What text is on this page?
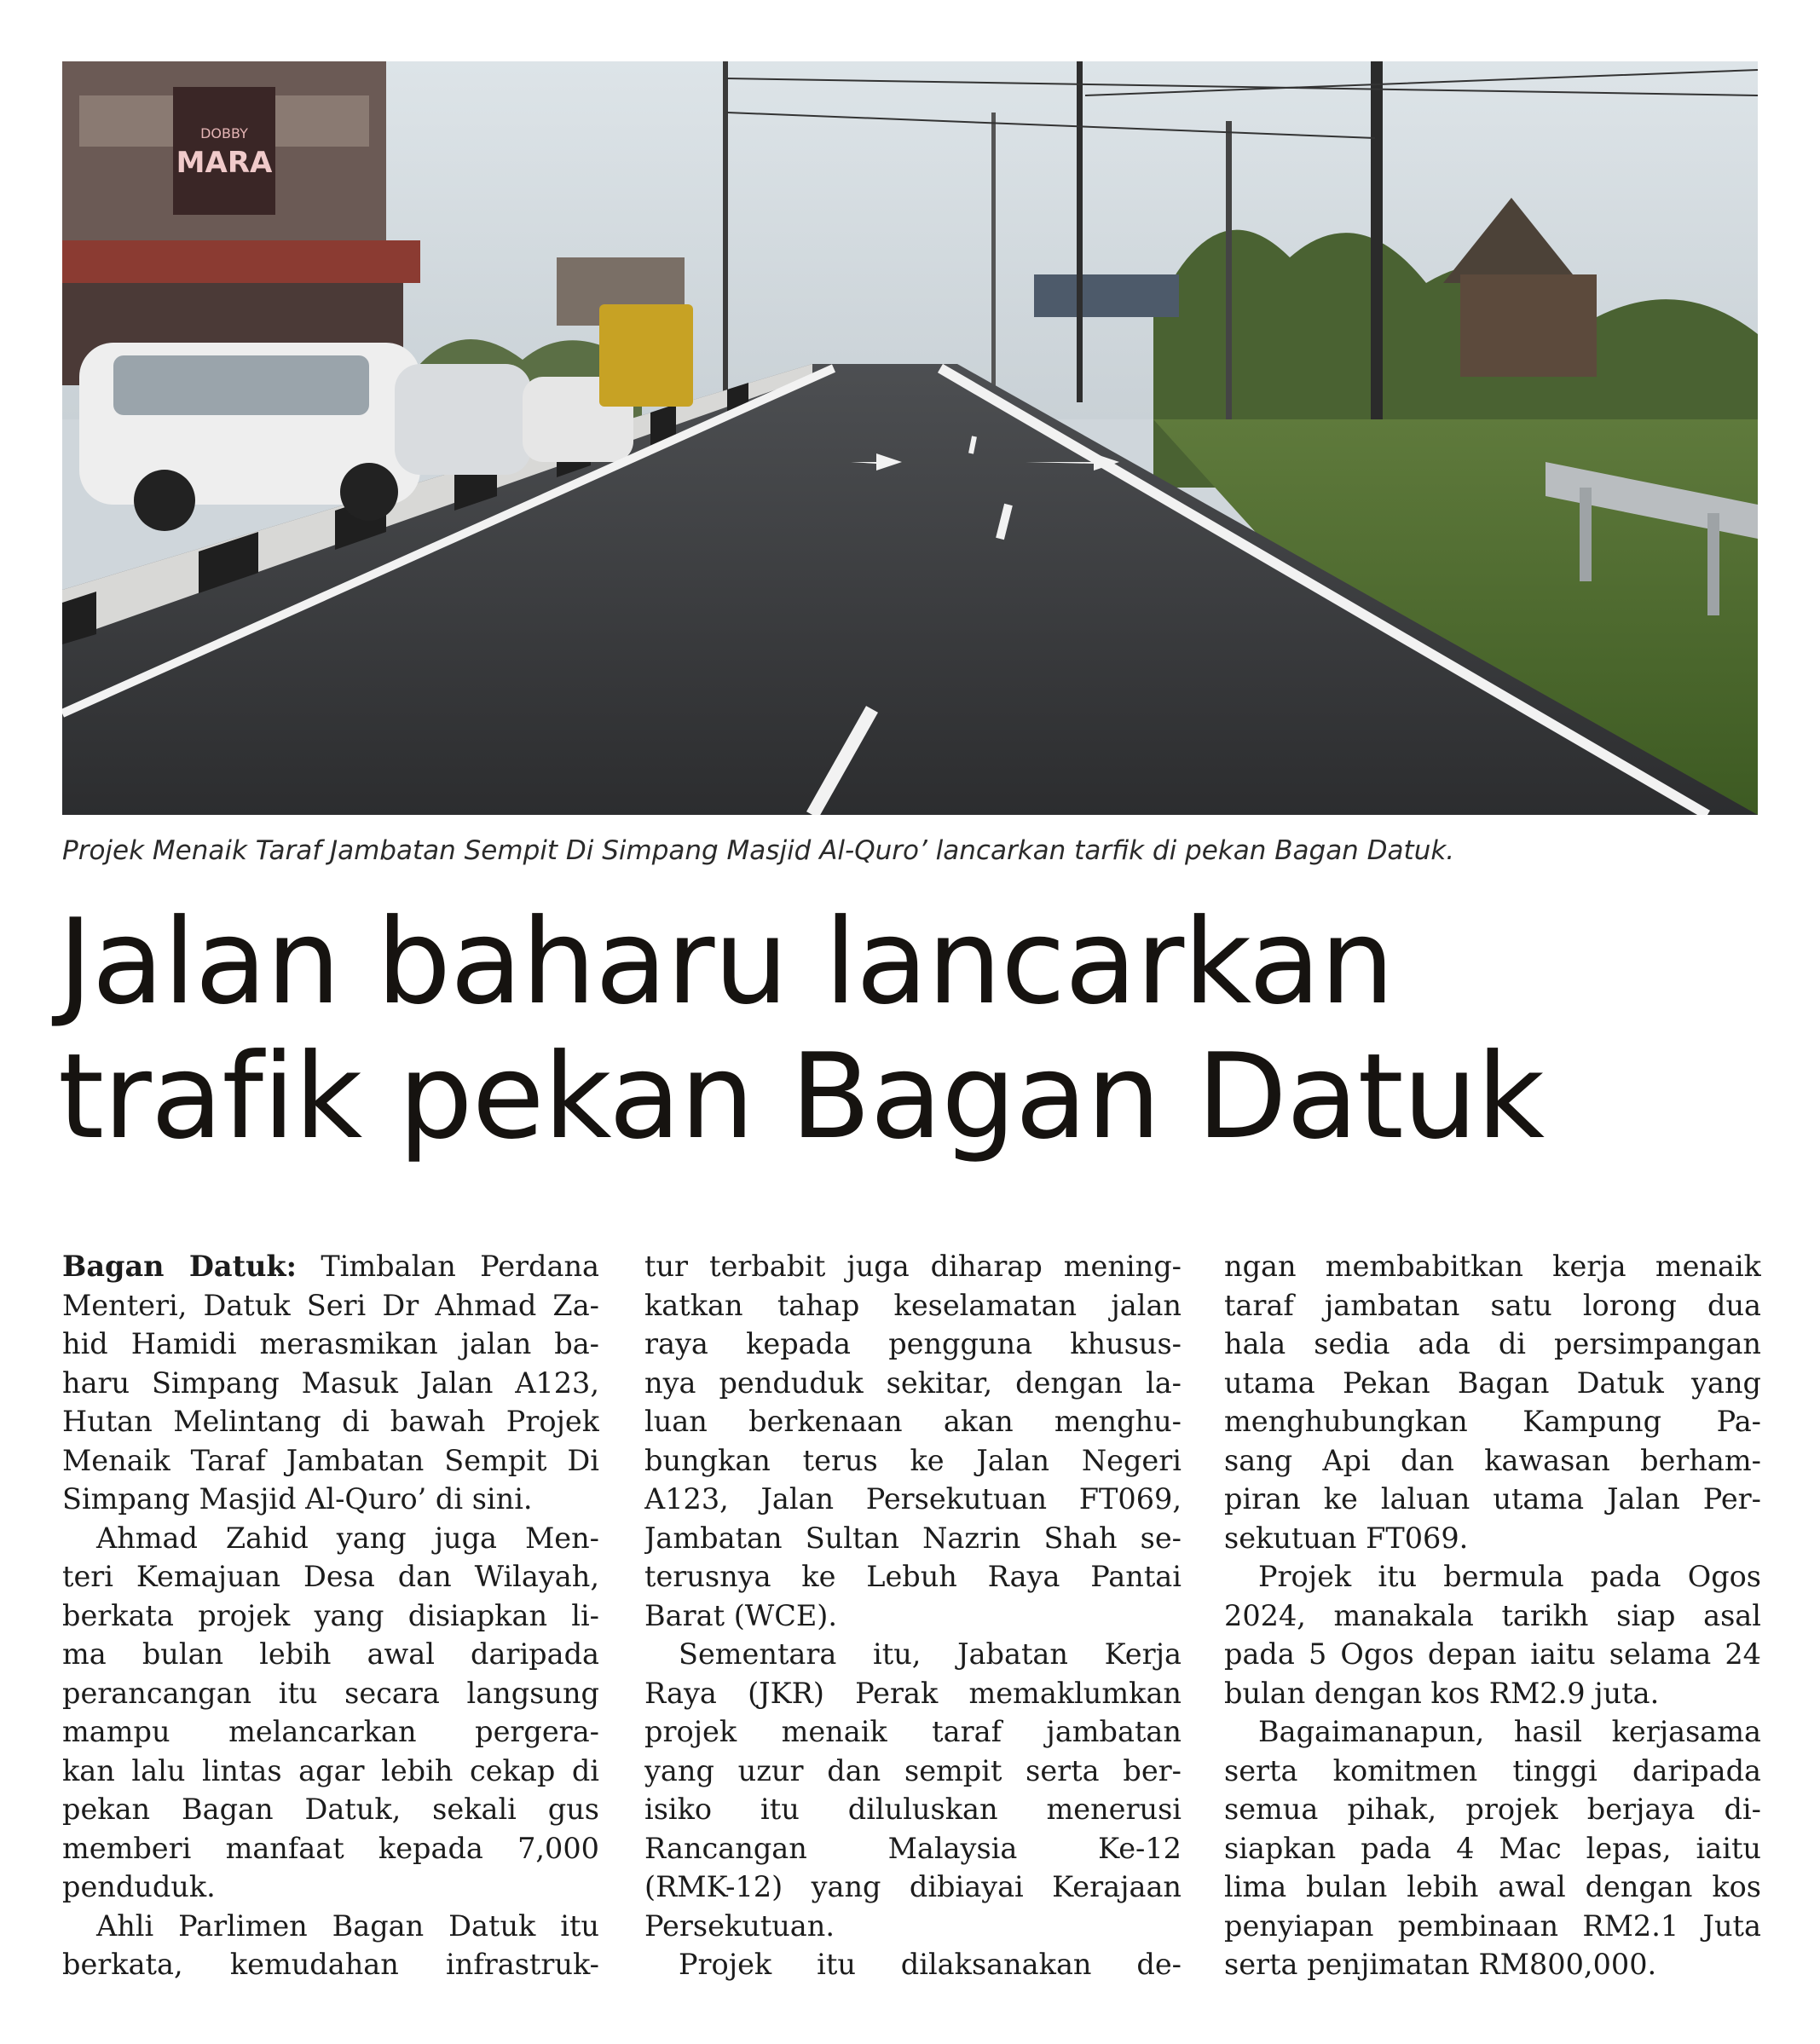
DOBBY
MARA
Projek Menaik Taraf Jambatan Sempit Di Simpang Masjid Al-Quro’ lancarkan tarfik di pekan Bagan Datuk.
Jalan baharu lancarkan
trafik pekan Bagan Datuk
Bagan Datuk: Timbalan Perdana
Menteri, Datuk Seri Dr Ahmad Za-
hid Hamidi merasmikan jalan ba-
haru Simpang Masuk Jalan A123,
Hutan Melintang di bawah Projek
Menaik Taraf Jambatan Sempit Di
Simpang Masjid Al-Quro’ di sini.
Ahmad Zahid yang juga Men-
teri Kemajuan Desa dan Wilayah,
berkata projek yang disiapkan li-
ma bulan lebih awal daripada
perancangan itu secara langsung
mampu melancarkan pergera-
kan lalu lintas agar lebih cekap di
pekan Bagan Datuk, sekali gus
memberi manfaat kepada 7,000
penduduk.
Ahli Parlimen Bagan Datuk itu
berkata, kemudahan infrastruk-
tur terbabit juga diharap mening-
katkan tahap keselamatan jalan
raya kepada pengguna khusus-
nya penduduk sekitar, dengan la-
luan berkenaan akan menghu-
bungkan terus ke Jalan Negeri
A123, Jalan Persekutuan FT069,
Jambatan Sultan Nazrin Shah se-
terusnya ke Lebuh Raya Pantai
Barat (WCE).
Sementara itu, Jabatan Kerja
Raya (JKR) Perak memaklumkan
projek menaik taraf jambatan
yang uzur dan sempit serta ber-
isiko itu diluluskan menerusi
Rancangan Malaysia Ke-12
(RMK-12) yang dibiayai Kerajaan
Persekutuan.
Projek itu dilaksanakan de-
ngan membabitkan kerja menaik
taraf jambatan satu lorong dua
hala sedia ada di persimpangan
utama Pekan Bagan Datuk yang
menghubungkan Kampung Pa-
sang Api dan kawasan berham-
piran ke laluan utama Jalan Per-
sekutuan FT069.
Projek itu bermula pada Ogos
2024, manakala tarikh siap asal
pada 5 Ogos depan iaitu selama 24
bulan dengan kos RM2.9 juta.
Bagaimanapun, hasil kerjasama
serta komitmen tinggi daripada
semua pihak, projek berjaya di-
siapkan pada 4 Mac lepas, iaitu
lima bulan lebih awal dengan kos
penyiapan pembinaan RM2.1 Juta
serta penjimatan RM800,000.
